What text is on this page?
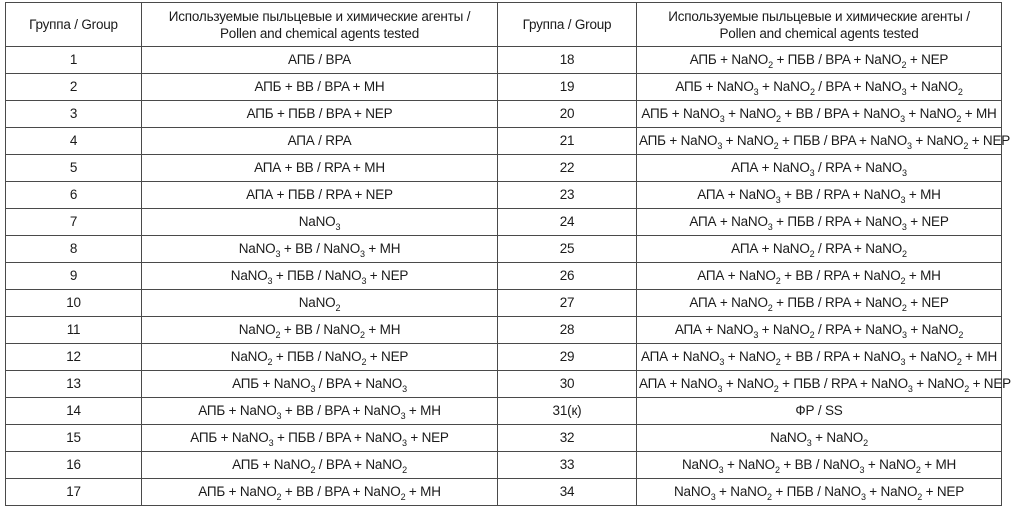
Группа / Group	Используемые пыльцевые и химические агенты /
Pollen and chemical agents tested	Группа / Group	Используемые пыльцевые и химические агенты /
Pollen and chemical agents tested
1	АПБ / BPA	18	АПБ + NaNO$_2$ + ПБВ / BPA + NaNO$_2$ + NEP
2	АПБ + BB / BPA + MH	19	АПБ + NaNO$_3$ + NaNO$_2$ / BPA + NaNO$_3$ + NaNO$_2$
3	АПБ + ПБВ / BPA + NEP	20	АПБ + NaNO$_3$ + NaNO$_2$ + BB / BPA + NaNO$_3$ + NaNO$_2$ + MH
4	АПА / RPA	21	АПБ + NaNO$_3$ + NaNO$_2$ + ПБВ / BPA + NaNO$_3$ + NaNO$_2$ + NEP
5	АПА + BB / RPA + MH	22	АПА + NaNO$_3$ / RPA + NaNO$_3$
6	АПА + ПБВ / RPA + NEP	23	АПА + NaNO$_3$ + BB / RPA + NaNO$_3$ + MH
7	NaNO$_3$	24	АПА + NaNO$_3$ + ПБВ / RPA + NaNO$_3$ + NEP
8	NaNO$_3$ + BB / NaNO$_3$ + MH	25	АПА + NaNO$_2$ / RPA + NaNO$_2$
9	NaNO$_3$ + ПБВ / NaNO$_3$ + NEP	26	АПА + NaNO$_2$ + BB / RPA + NaNO$_2$ + MH
10	NaNO$_2$	27	АПА + NaNO$_2$ + ПБВ / RPA + NaNO$_2$ + NEP
11	NaNO$_2$ + BB / NaNO$_2$ + MH	28	АПА + NaNO$_3$ + NaNO$_2$ / RPA + NaNO$_3$ + NaNO$_2$
12	NaNO$_2$ + ПБВ / NaNO$_2$ + NEP	29	АПА + NaNO$_3$ + NaNO$_2$ + BB / RPA + NaNO$_3$ + NaNO$_2$ + MH
13	АПБ + NaNO$_3$ / BPA + NaNO$_3$	30	АПА + NaNO$_3$ + NaNO$_2$ + ПБВ / RPA + NaNO$_3$ + NaNO$_2$ + NEP
14	АПБ + NaNO$_3$ + BB / BPA + NaNO$_3$ + MH	31(к)	ФР / SS
15	АПБ + NaNO$_3$ + ПБВ / BPA + NaNO$_3$ + NEP	32	NaNO$_3$ + NaNO$_2$
16	АПБ + NaNO$_2$ / BPA + NaNO$_2$	33	NaNO$_3$ + NaNO$_2$ + BB / NaNO$_3$ + NaNO$_2$ + MH
17	АПБ + NaNO$_2$ + BB / BPA + NaNO$_2$ + MH	34	NaNO$_3$ + NaNO$_2$ + ПБВ / NaNO$_3$ + NaNO$_2$ + NEP
